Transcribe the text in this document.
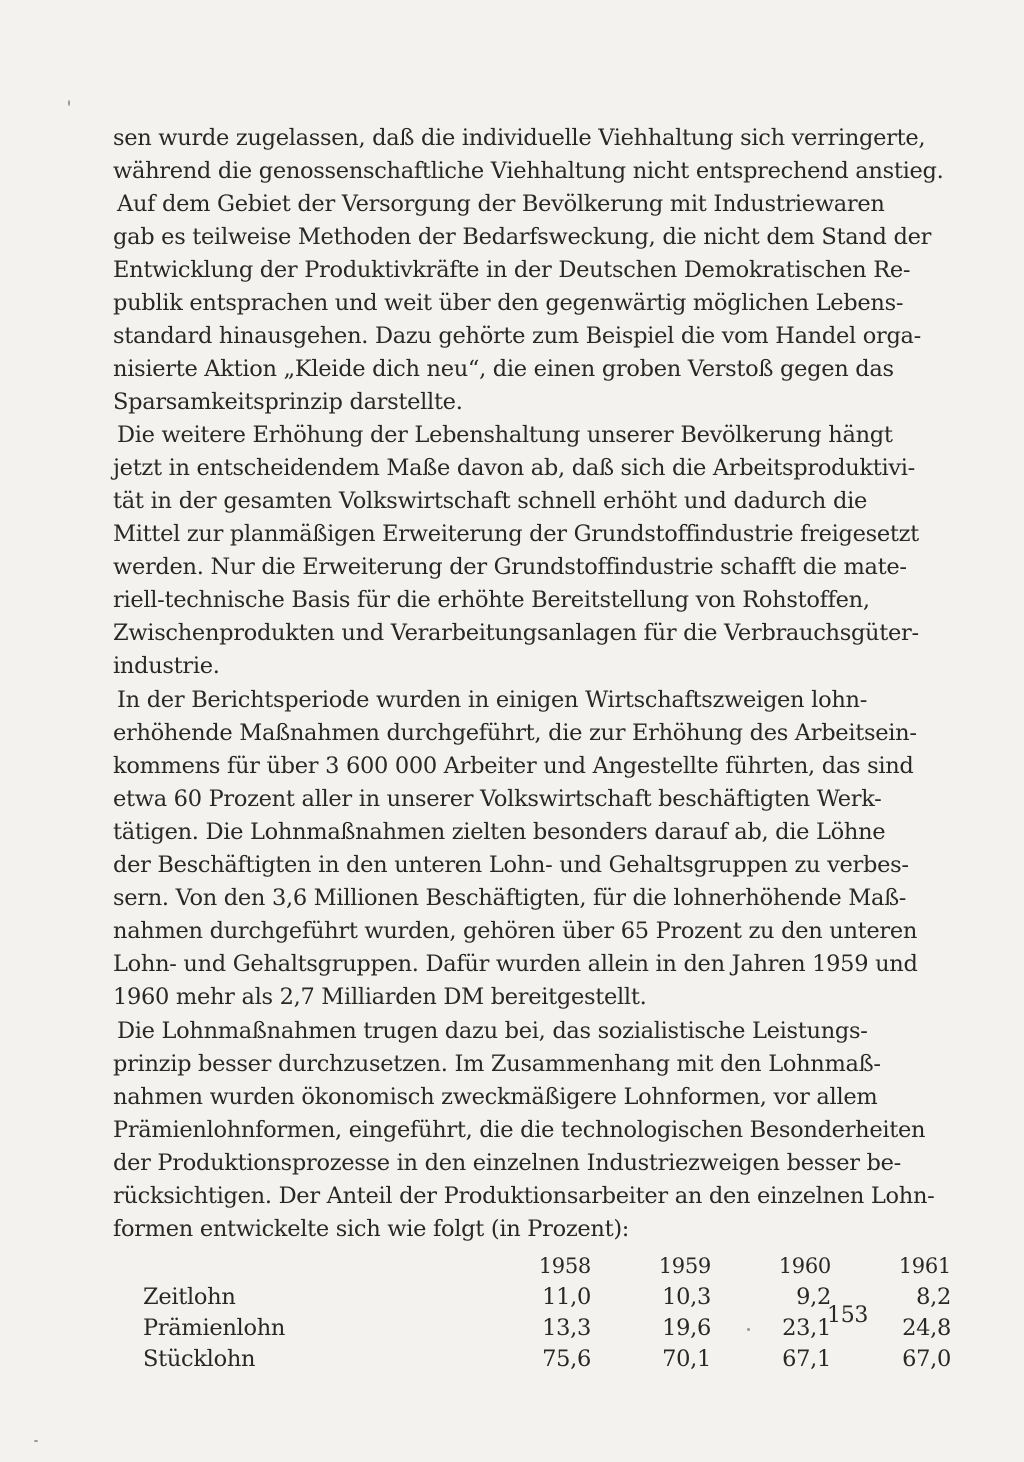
sen wurde zugelassen, daß die individuelle Viehhaltung sich verringerte,
während die genossenschaftliche Viehhaltung nicht entsprechend anstieg.
Auf dem Gebiet der Versorgung der Bevölkerung mit Industriewaren
gab es teilweise Methoden der Bedarfsweckung, die nicht dem Stand der
Entwicklung der Produktivkräfte in der Deutschen Demokratischen Re-
publik entsprachen und weit über den gegenwärtig möglichen Lebens-
standard hinausgehen. Dazu gehörte zum Beispiel die vom Handel orga-
nisierte Aktion „Kleide dich neu“, die einen groben Verstoß gegen das
Sparsamkeitsprinzip darstellte.
Die weitere Erhöhung der Lebenshaltung unserer Bevölkerung hängt
jetzt in entscheidendem Maße davon ab, daß sich die Arbeitsproduktivi-
tät in der gesamten Volkswirtschaft schnell erhöht und dadurch die
Mittel zur planmäßigen Erweiterung der Grundstoffindustrie freigesetzt
werden. Nur die Erweiterung der Grundstoffindustrie schafft die mate-
riell-technische Basis für die erhöhte Bereitstellung von Rohstoffen,
Zwischenprodukten und Verarbeitungsanlagen für die Verbrauchsgüter-
industrie.
In der Berichtsperiode wurden in einigen Wirtschaftszweigen lohn-
erhöhende Maßnahmen durchgeführt, die zur Erhöhung des Arbeitsein-
kommens für über 3 600 000 Arbeiter und Angestellte führten, das sind
etwa 60 Prozent aller in unserer Volkswirtschaft beschäftigten Werk-
tätigen. Die Lohnmaßnahmen zielten besonders darauf ab, die Löhne
der Beschäftigten in den unteren Lohn- und Gehaltsgruppen zu verbes-
sern. Von den 3,6 Millionen Beschäftigten, für die lohnerhöhende Maß-
nahmen durchgeführt wurden, gehören über 65 Prozent zu den unteren
Lohn- und Gehaltsgruppen. Dafür wurden allein in den Jahren 1959 und
1960 mehr als 2,7 Milliarden DM bereitgestellt.
Die Lohnmaßnahmen trugen dazu bei, das sozialistische Leistungs-
prinzip besser durchzusetzen. Im Zusammenhang mit den Lohnmaß-
nahmen wurden ökonomisch zweckmäßigere Lohnformen, vor allem
Prämienlohnformen, eingeführt, die die technologischen Besonderheiten
der Produktionsprozesse in den einzelnen Industriezweigen besser be-
rücksichtigen. Der Anteil der Produktionsarbeiter an den einzelnen Lohn-
formen entwickelte sich wie folgt (in Prozent):
	1958	1959	1960	1961
Zeitlohn	11,0	10,3	9,2	8,2
Prämienlohn	13,3	19,6	23,1	24,8
Stücklohn	75,6	70,1	67,1	67,0
153
